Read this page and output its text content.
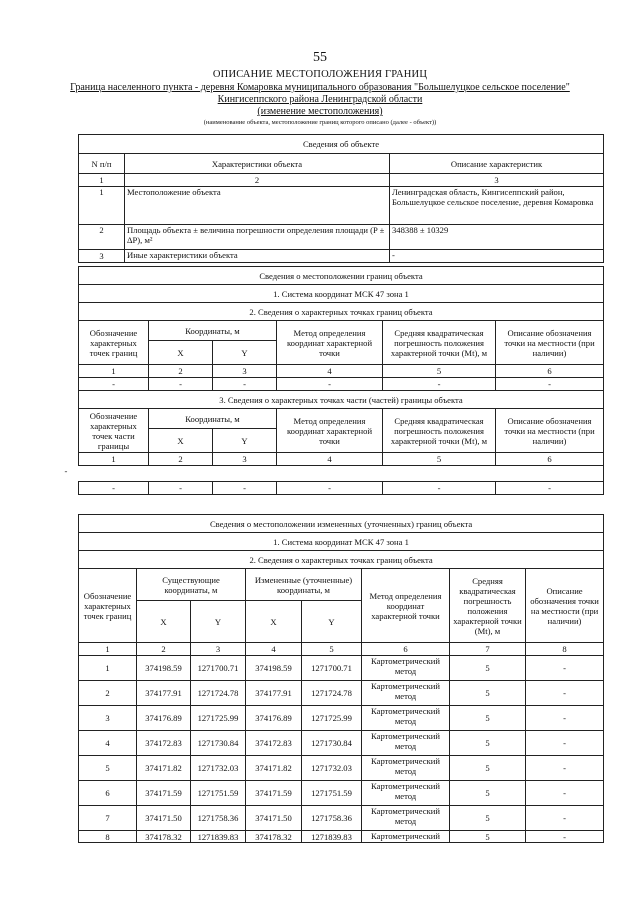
55
ОПИСАНИЕ МЕСТОПОЛОЖЕНИЯ ГРАНИЦ
Граница населенного пункта - деревня Комаровка муниципального образования "Большелуцкое сельское поселение"
Кингисеппского района Ленинградской области
(изменение местоположения)
(наименование объекта, местоположение границ которого описано (далее - объект))
Сведения об объекте		
N п/п	Характеристики объекта	Описание характеристик
1	2	3
1	Местоположение объекта	Ленинградская область, Кингисеппский район, Большелуцкое сельское поселение, деревня Комаровка
2	Площадь объекта ± величина погрешности определения площади (P ± ΔP), м²	348388 ± 10329
3	Иные характеристики объекта	-
Сведения о местоположении границ объекта					
1. Система координат МСК 47 зона 1					
2. Сведения о характерных точках границ объекта					
Обозначение характерных точек границ	Координаты, м		Метод определения координат характерной точки	Средняя квадратическая погрешность положения характерной точки (Mt), м	Описание обозначения точки на местности (при наличии)
	X	Y			
1	2	3	4	5	6
-	-	-	-	-	-
3. Сведения о характерных точках части (частей) границы объекта					
Обозначение характерных точек части границы	Координаты, м		Метод определения координат характерной точки	Средняя квадратическая погрешность положения характерной точки (Mt), м	Описание обозначения точки на местности (при наличии)
	X	Y			
1	2	3	4	5	6
-					
-	-	-	-	-	-
Сведения о местоположении измененных (уточненных) границ объекта							
1. Система координат МСК 47 зона 1							
2. Сведения о характерных точках границ объекта							
Обозначение характерных точек границ	Существующие координаты, м		Измененные (уточненные) координаты, м		Метод определения координат характерной точки	Средняя квадратическая погрешность положения характерной точки (Mt), м	Описание обозначения точки на местности (при наличии)
	X	Y	X	Y			
1	2	3	4	5	6	7	8
1	374198.59	1271700.71	374198.59	1271700.71	Картометрический метод	5	-
2	374177.91	1271724.78	374177.91	1271724.78	Картометрический метод	5	-
3	374176.89	1271725.99	374176.89	1271725.99	Картометрический метод	5	-
4	374172.83	1271730.84	374172.83	1271730.84	Картометрический метод	5	-
5	374171.82	1271732.03	374171.82	1271732.03	Картометрический метод	5	-
6	374171.59	1271751.59	374171.59	1271751.59	Картометрический метод	5	-
7	374171.50	1271758.36	374171.50	1271758.36	Картометрический метод	5	-
8	374178.32	1271839.83	374178.32	1271839.83	Картометрический	5	-
